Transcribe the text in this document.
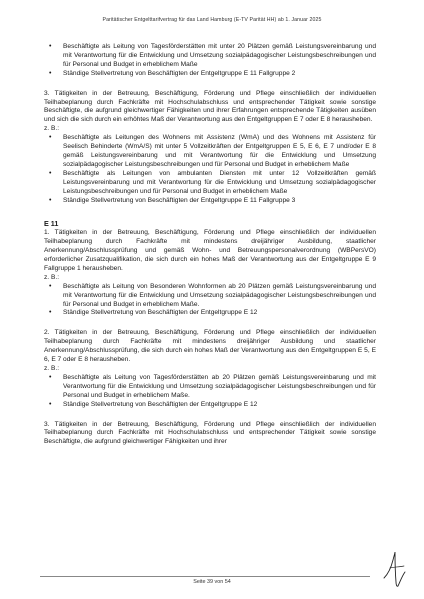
Paritätischer Entgelttarifvertrag für das Land Hamburg (E-TV Parität HH) ab 1. Januar 2025
• Beschäftigte als Leitung von Tagesförderstätten mit unter 20 Plätzen gemäß Leistungsvereinbarung und mit Verantwortung für die Entwicklung und Umsetzung sozialpädagogischer Leistungsbeschreibungen und für Personal und Budget in erheblichem Maße
• Ständige Stellvertretung von Beschäftigten der Entgeltgruppe E 11 Fallgruppe 2

3. Tätigkeiten in der Betreuung, Beschäftigung, Förderung und Pflege einschließlich der individuellen Teilhabeplanung durch Fachkräfte mit Hochschulabschluss und entsprechender Tätigkeit sowie sonstige Beschäftigte, die aufgrund gleichwertiger Fähigkeiten und ihrer Erfahrungen entsprechende Tätigkeiten ausüben und sich die sich durch ein erhöhtes Maß der Verantwortung aus den Entgeltgruppen E 7 oder E 8 herausheben.

z. B.:

• Beschäftigte als Leitungen des Wohnens mit Assistenz (WmA) und des Wohnens mit Assistenz für Seelisch Behinderte (WmA/S) mit unter 5 Vollzeitkräften der Entgeltgruppen E 5, E 6, E 7 und/oder E 8 gemäß Leistungsvereinbarung und mit Verantwortung für die Entwicklung und Umsetzung sozialpädagogischer Leistungsbeschreibungen und für Personal und Budget in erheblichem Maße
• Beschäftigte als Leitungen von ambulanten Diensten mit unter 12 Vollzeitkräften gemäß Leistungsvereinbarung und mit Verantwortung für die Entwicklung und Umsetzung sozialpädagogischer Leistungsbeschreibungen und für Personal und Budget in erheblichem Maße
• Ständige Stellvertretung von Beschäftigten der Entgeltgruppe E 11 Fallgruppe 3

E 11

1. Tätigkeiten in der Betreuung, Beschäftigung, Förderung und Pflege einschließlich der individuellen Teilhabeplanung durch Fachkräfte mit mindestens dreijähriger Ausbildung, staatlicher Anerkennung/Abschlussprüfung und gemäß Wohn- und Betreuungspersonalverordnung (WBPersVO) erforderlicher Zusatzqualifikation, die sich durch ein hohes Maß der Verantwortung aus der Entgeltgruppe E 9 Fallgruppe 1 herausheben.

z. B.:

• Beschäftigte als Leitung von Besonderen Wohnformen ab 20 Plätzen gemäß Leistungsvereinbarung und mit Verantwortung für die Entwicklung und Umsetzung sozialpädagogischer Leistungsbeschreibungen und für Personal und Budget in erheblichem Maße.
• Ständige Stellvertretung von Beschäftigten der Entgeltgruppe E 12

2. Tätigkeiten in der Betreuung, Beschäftigung, Förderung und Pflege einschließlich der individuellen Teilhabeplanung durch Fachkräfte mit mindestens dreijähriger Ausbildung und staatlicher Anerkennung/Abschlussprüfung, die sich durch ein hohes Maß der Verantwortung aus den Entgeltgruppen E 5, E 6, E 7 oder E 8 herausheben.

z. B.:

• Beschäftigte als Leitung von Tagesförderstätten ab 20 Plätzen gemäß Leistungsvereinbarung und mit Verantwortung für die Entwicklung und Umsetzung sozialpädagogischer Leistungsbeschreibungen und für Personal und Budget in erheblichem Maße.
• Ständige Stellvertretung von Beschäftigten der Entgeltgruppe E 12

3. Tätigkeiten in der Betreuung, Beschäftigung, Förderung und Pflege einschließlich der individuellen Teilhabeplanung durch Fachkräfte mit Hochschulabschluss und entsprechender Tätigkeit sowie sonstige Beschäftigte, die aufgrund gleichwertiger Fähigkeiten und ihrer

Seite 39 von 54
